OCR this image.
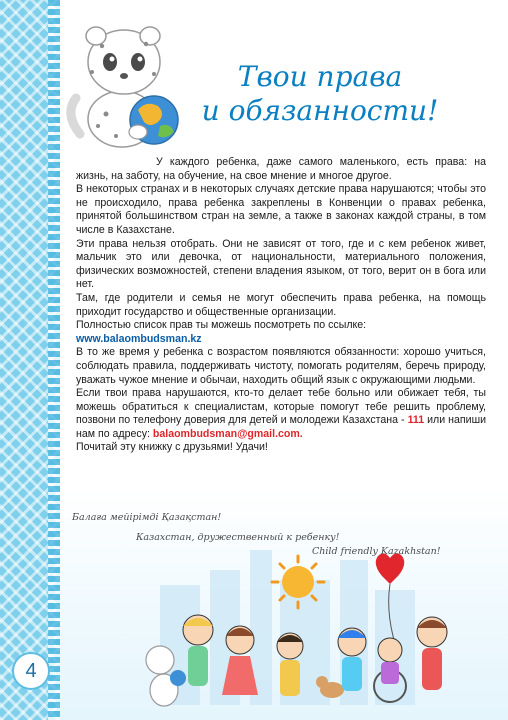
Твои права
и обязанности!

У каждого ребенка, даже самого маленького, есть права: на жизнь, на заботу, на обучение, на свое мнение и многое другое.

В некоторых странах и в некоторых случаях детские права нарушаются; чтобы это не происходило, права ребенка закреплены в Конвенции о правах ребенка, принятой большинством стран на земле, а также в законах каждой страны, в том числе в Казахстане.

Эти права нельзя отобрать. Они не зависят от того, где и с кем ребенок живет, мальчик это или девочка, от национальности, материального положения, физических возможностей, степени владения языком, от того, верит он в бога или нет.

Там, где родители и семья не могут обеспечить права ребенка, на помощь приходит государство и общественные организации.

Полностью список прав ты можешь посмотреть по ссылке:

www.balaombudsman.kz

В то же время у ребенка с возрастом появляются обязанности: хорошо учиться, соблюдать правила, поддерживать чистоту, помогать родителям, беречь природу, уважать чужое мнение и обычаи, находить общий язык с окружающими людьми.

Если твои права нарушаются, кто-то делает тебе больно или обижает тебя, ты можешь обратиться к специалистам, которые помогут тебе решить проблему, позвони по телефону доверия для детей и молодежи Казахстана - 111 или напиши нам по адресу: balaombudsman@gmail.com.

Почитай эту книжку с друзьями! Удачи!

Балаға мейірімді Қазақстан!
Казахстан, дружественный к ребенку!
Child friendly Kazakhstan!
4
